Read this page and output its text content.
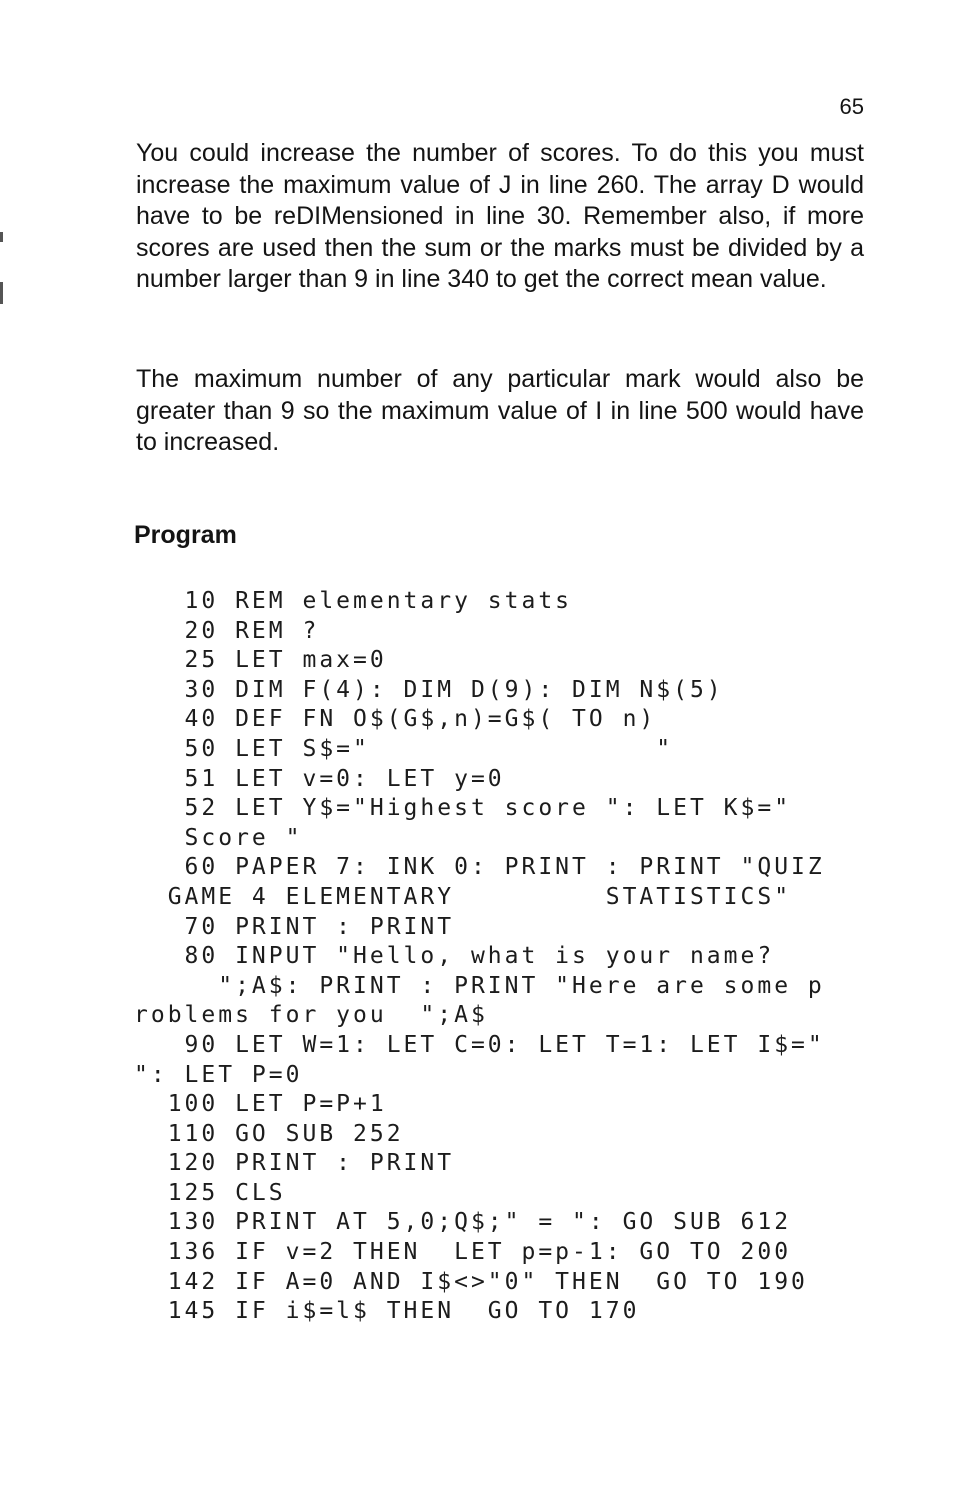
65

You could increase the number of scores. To do this you must increase the maximum value of J in line 260. The array D would have to be reDIMensioned in line 30. Remember also, if more scores are used then the sum or the marks must be divided by a number larger than 9 in line 340 to get the correct mean value.

The maximum number of any particular mark would also be greater than 9 so the maximum value of I in line 500 would have to increased.

Program
10 REM elementary stats
20 REM ?
25 LET max=0
30 DIM F(4): DIM D(9): DIM N$(5)
40 DEF FN O$(G$,n)=G$( TO n)
50 LET S$="                 "
51 LET v=0: LET y=0
52 LET Y$="Highest score ": LET K$="
Score "
60 PAPER 7: INK 0: PRINT : PRINT "QUIZ
GAME 4 ELEMENTARY         STATISTICS"
70 PRINT : PRINT
80 INPUT "Hello, what is your name?
";A$: PRINT : PRINT "Here are some p
roblems for you  ";A$
90 LET W=1: LET C=0: LET T=1: LET I$="
": LET P=0
100 LET P=P+1
110 GO SUB 252
120 PRINT : PRINT
125 CLS
130 PRINT AT 5,0;Q$;" = ": GO SUB 612
136 IF v=2 THEN  LET p=p-1: GO TO 200
142 IF A=0 AND I$<>"0" THEN  GO TO 190
145 IF i$=l$ THEN  GO TO 170
